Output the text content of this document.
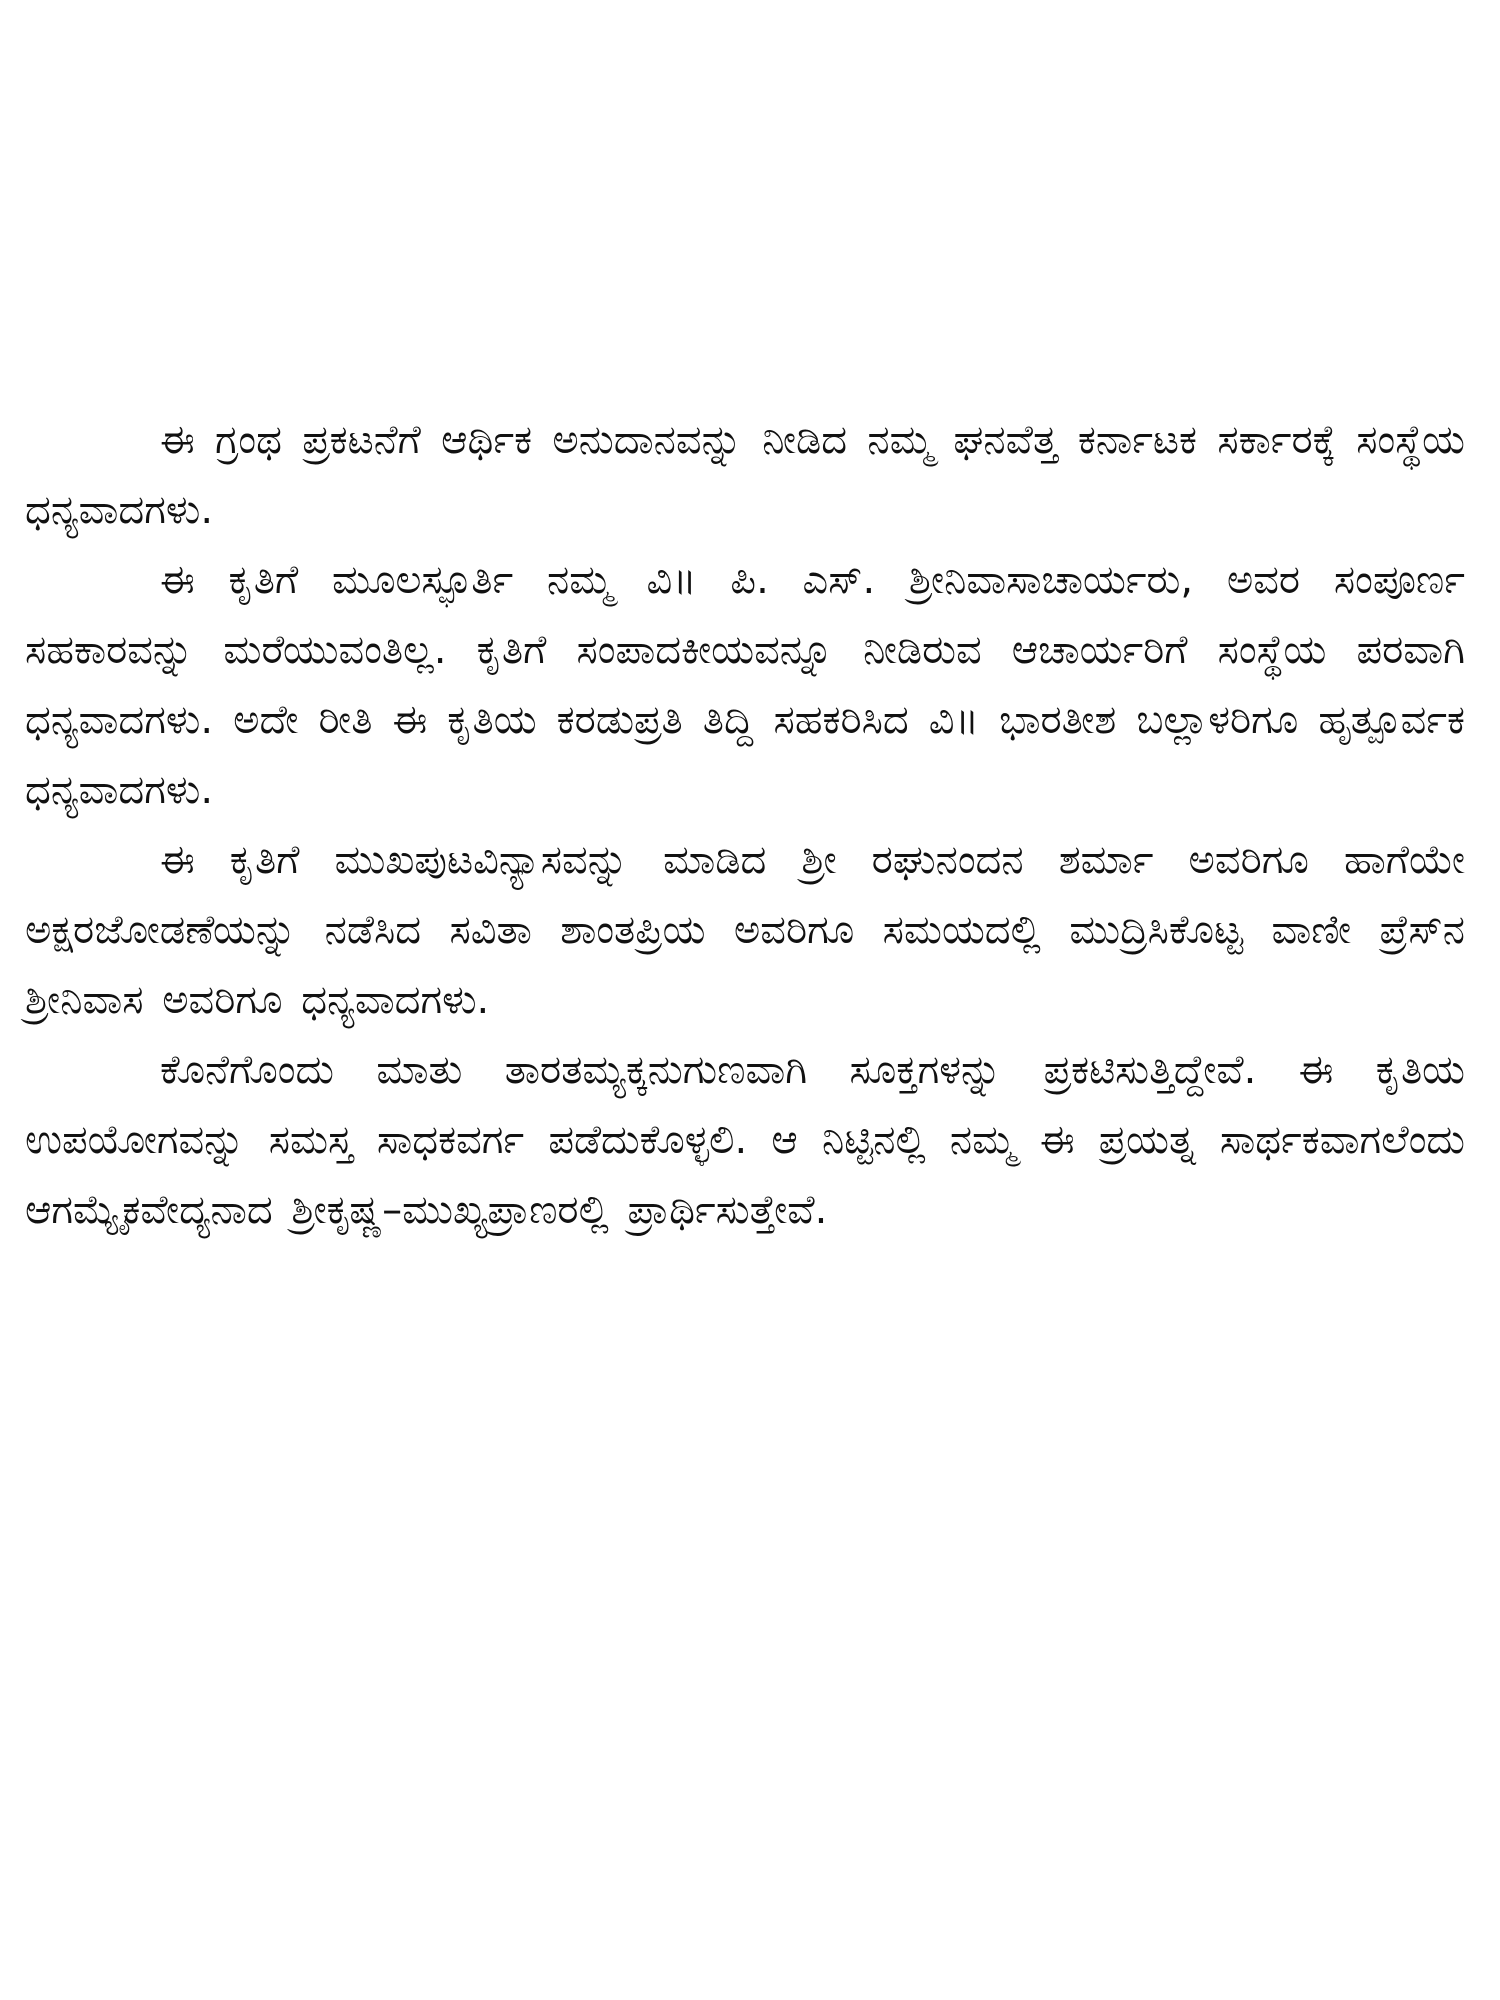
ಈ ಗ್ರಂಥ ಪ್ರಕಟನೆಗೆ ಆರ್ಥಿಕ ಅನುದಾನವನ್ನು ನೀಡಿದ ನಮ್ಮ ಘನವೆತ್ತ ಕರ್ನಾಟಕ ಸರ್ಕಾರಕ್ಕೆ ಸಂಸ್ಥೆಯ ಧನ್ಯವಾದಗಳು.

ಈ ಕೃತಿಗೆ ಮೂಲಸ್ಫೂರ್ತಿ ನಮ್ಮ ವಿ॥ ಪಿ. ಎಸ್. ಶ್ರೀನಿವಾಸಾಚಾರ್ಯರು, ಅವರ ಸಂಪೂರ್ಣ ಸಹಕಾರವನ್ನು ಮರೆಯುವಂತಿಲ್ಲ. ಕೃತಿಗೆ ಸಂಪಾದಕೀಯವನ್ನೂ ನೀಡಿರುವ ಆಚಾರ್ಯರಿಗೆ ಸಂಸ್ಥೆಯ ಪರವಾಗಿ ಧನ್ಯವಾದಗಳು. ಅದೇ ರೀತಿ ಈ ಕೃತಿಯ ಕರಡುಪ್ರತಿ ತಿದ್ದಿ ಸಹಕರಿಸಿದ ವಿ॥ ಭಾರತೀಶ ಬಲ್ಲಾಳರಿಗೂ ಹೃತ್ಪೂರ್ವಕ ಧನ್ಯವಾದಗಳು.

ಈ ಕೃತಿಗೆ ಮುಖಪುಟವಿನ್ಯಾಸವನ್ನು ಮಾಡಿದ ಶ್ರೀ ರಘುನಂದನ ಶರ್ಮಾ ಅವರಿಗೂ ಹಾಗೆಯೇ ಅಕ್ಷರಜೋಡಣೆಯನ್ನು ನಡೆಸಿದ ಸವಿತಾ ಶಾಂತಪ್ರಿಯ ಅವರಿಗೂ ಸಮಯದಲ್ಲಿ ಮುದ್ರಿಸಿಕೊಟ್ಟ ವಾಣೀ ಪ್ರೆಸ್‌ನ ಶ್ರೀನಿವಾಸ ಅವರಿಗೂ ಧನ್ಯವಾದಗಳು.

ಕೊನೆಗೊಂದು ಮಾತು ತಾರತಮ್ಯಕ್ಕನುಗುಣವಾಗಿ ಸೂಕ್ತಗಳನ್ನು ಪ್ರಕಟಿಸುತ್ತಿದ್ದೇವೆ. ಈ ಕೃತಿಯ ಉಪಯೋಗವನ್ನು ಸಮಸ್ತ ಸಾಧಕವರ್ಗ ಪಡೆದುಕೊಳ್ಳಲಿ. ಆ ನಿಟ್ಟಿನಲ್ಲಿ ನಮ್ಮ ಈ ಪ್ರಯತ್ನ ಸಾರ್ಥಕವಾಗಲೆಂದು ಆಗಮ್ಯೈಕವೇದ್ಯನಾದ ಶ್ರೀಕೃಷ್ಣ–ಮುಖ್ಯಪ್ರಾಣರಲ್ಲಿ ಪ್ರಾರ್ಥಿಸುತ್ತೇವೆ.
